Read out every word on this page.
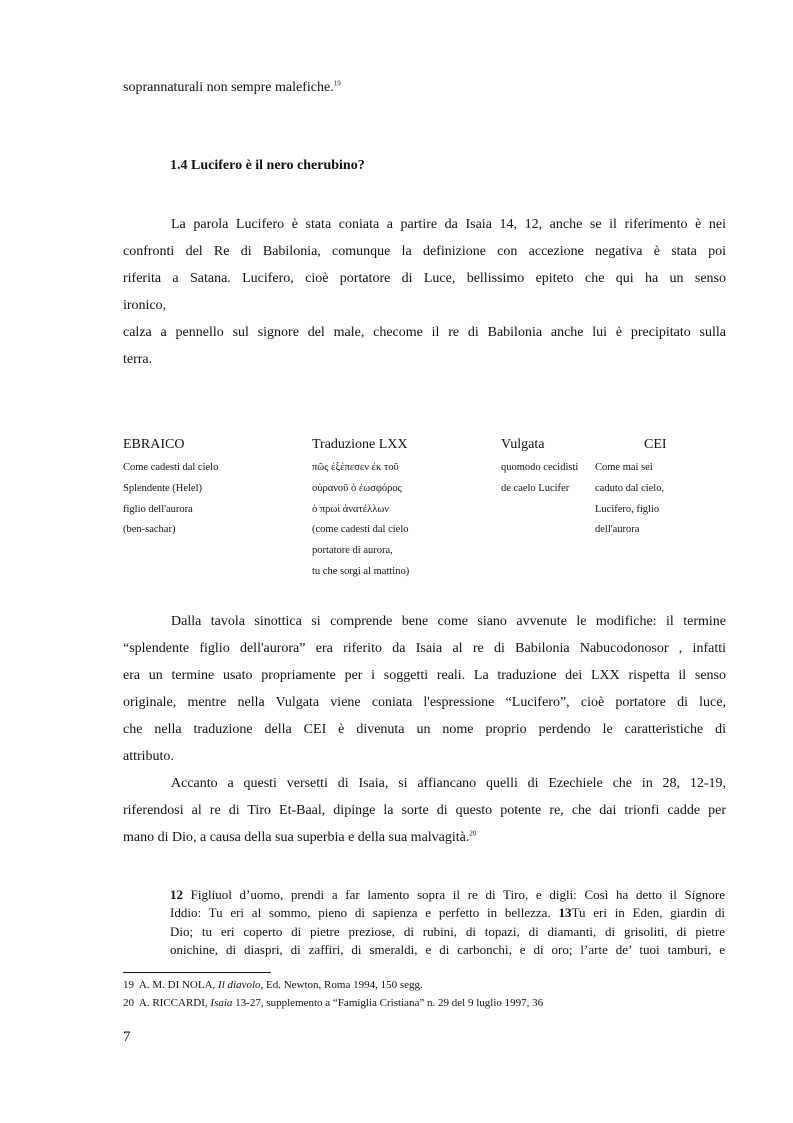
soprannaturali non sempre malefiche.$^{19}$
1.4 Lucifero è il nero cherubino?
La parola Lucifero è stata coniata a partire da Isaia 14, 12, anche se il riferimento è nei
confronti del Re di Babilonia, comunque la definizione con accezione negativa è stata poi
riferita a Satana. Lucifero, cioè portatore di Luce, bellissimo epiteto che qui ha un senso
ironico,
calza a pennello sul signore del male, checome il re di Babilonia anche lui è precipitato sulla
terra.
EBRAICO
Come cadesti dal cielo
Splendente (Helel)
figlio dell'aurora
(ben-sachar)
Traduzione LXX
πῶς ἐξέπεσεν ἐκ τοῦ
οὐρανοῦ ὁ ἑωσφόρος
ὁ πρωὶ ἀνατέλλων
(come cadesti dal cielo
portatore di aurora,
tu che sorgi al mattino)
Vulgata
quomodo cecidisti
de caelo Lucifer
CEI
Come mai sei
caduto dal cielo,
Lucifero, figlio
dell'aurora
Dalla tavola sinottica si comprende bene come siano avvenute le modifiche: il termine
“splendente figlio dell'aurora” era riferito da Isaia al re di Babilonia Nabucodonosor , infatti
era un termine usato propriamente per i soggetti reali. La traduzione dei LXX rispetta il senso
originale, mentre nella Vulgata viene coniata l'espressione “Lucifero”, cioè portatore di luce,
che nella traduzione della CEI è divenuta un nome proprio perdendo le caratteristiche di
attributo.
Accanto a questi versetti di Isaia, si affiancano quelli di Ezechiele che in 28, 12-19,
riferendosi al re di Tiro Et-Baal, dipinge la sorte di questo potente re, che dai trionfi cadde per
mano di Dio, a causa della sua superbia e della sua malvagità.$^{20}$
12 Figliuol d’uomo, prendi a far lamento sopra il re di Tiro, e digli: Così ha detto il Signore
Iddio: Tu eri al sommo, pieno di sapienza e perfetto in bellezza. 13Tu eri in Eden, giardin di
Dio; tu eri coperto di pietre preziose, di rubini, di topazi, di diamanti, di grisoliti, di pietre
onichine, di diaspri, di zaffiri, di smeraldi, e di carbonchi, e di oro; l’arte de’ tuoi tamburi, e
19 A. M. DI NOLA, Il diavolo, Ed. Newton, Roma 1994, 150 segg.
20 A. RICCARDI, Isaia 13-27, supplemento a “Famiglia Cristiana” n. 29 del 9 luglio 1997, 36
7
